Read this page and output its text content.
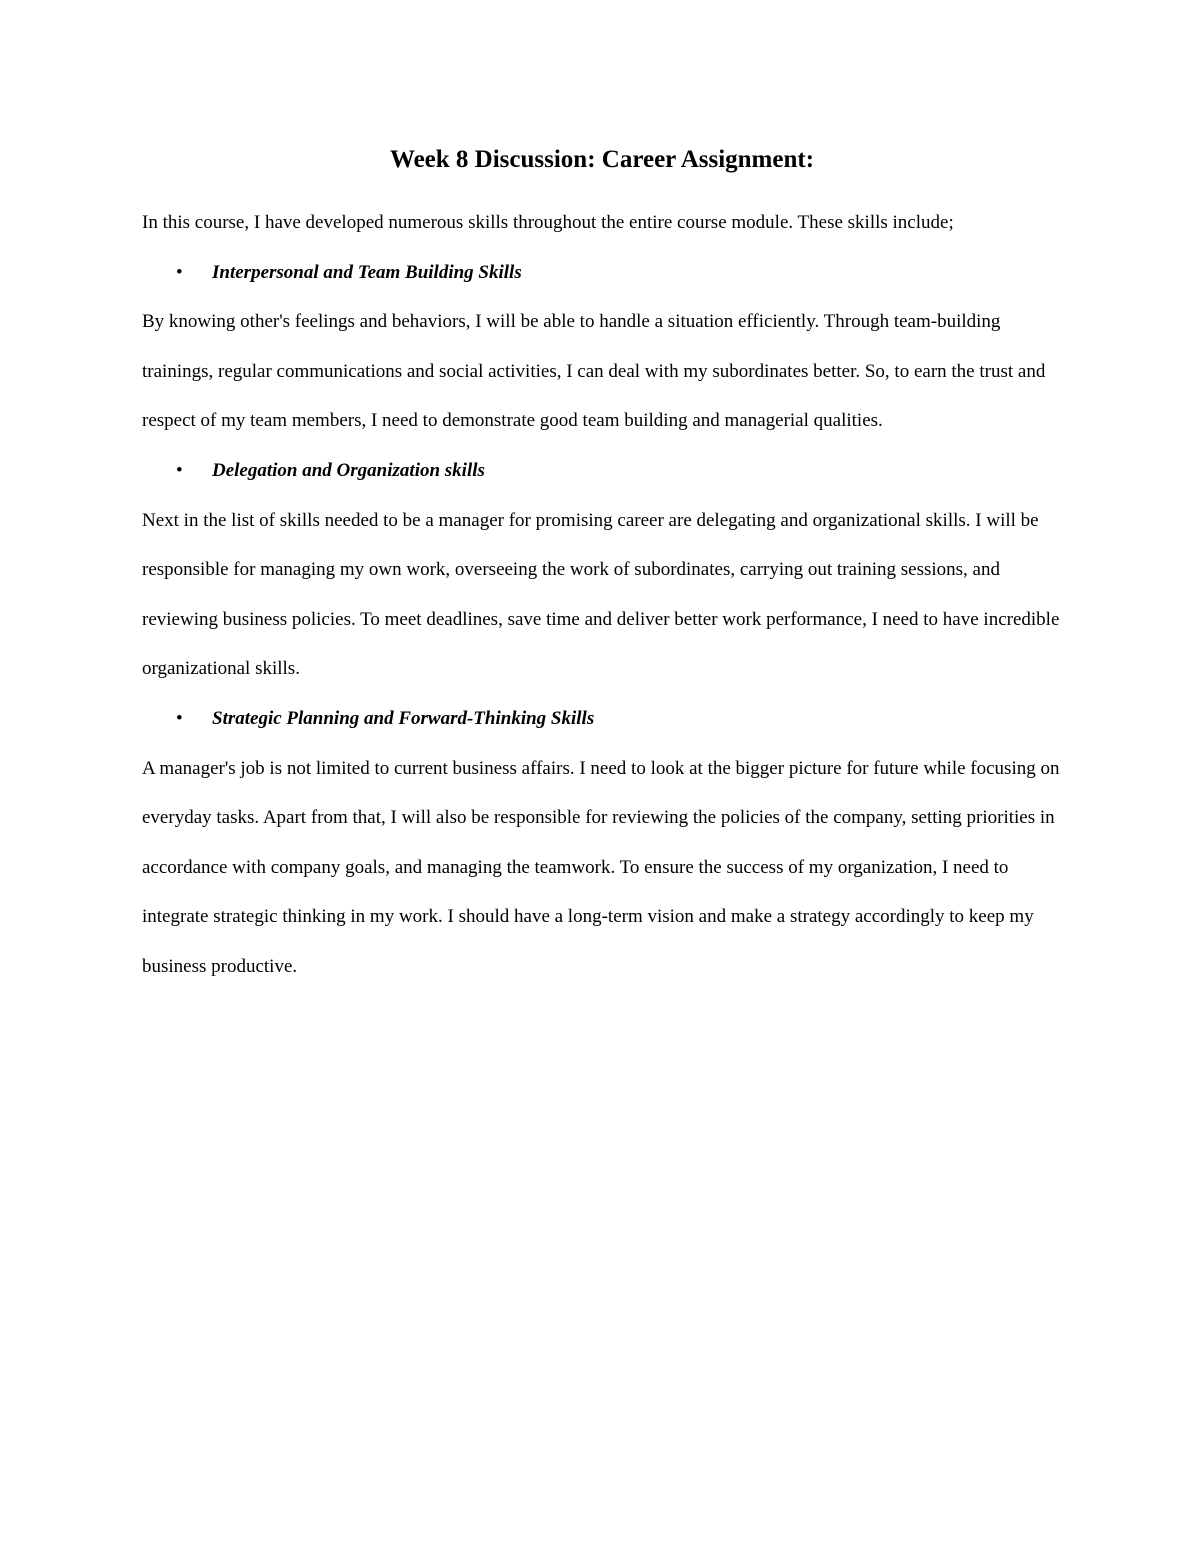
Week 8 Discussion: Career Assignment:

In this course, I have developed numerous skills throughout the entire course module. These skills include;

• Interpersonal and Team Building Skills

By knowing other's feelings and behaviors, I will be able to handle a situation efficiently. Through team-building trainings, regular communications and social activities, I can deal with my subordinates better. So, to earn the trust and respect of my team members, I need to demonstrate good team building and managerial qualities.

• Delegation and Organization skills

Next in the list of skills needed to be a manager for promising career are delegating and organizational skills. I will be responsible for managing my own work, overseeing the work of subordinates, carrying out training sessions, and reviewing business policies. To meet deadlines, save time and deliver better work performance, I need to have incredible organizational skills.

• Strategic Planning and Forward-Thinking Skills

A manager's job is not limited to current business affairs. I need to look at the bigger picture for future while focusing on everyday tasks. Apart from that, I will also be responsible for reviewing the policies of the company, setting priorities in accordance with company goals, and managing the teamwork. To ensure the success of my organization, I need to integrate strategic thinking in my work. I should have a long-term vision and make a strategy accordingly to keep my business productive.
